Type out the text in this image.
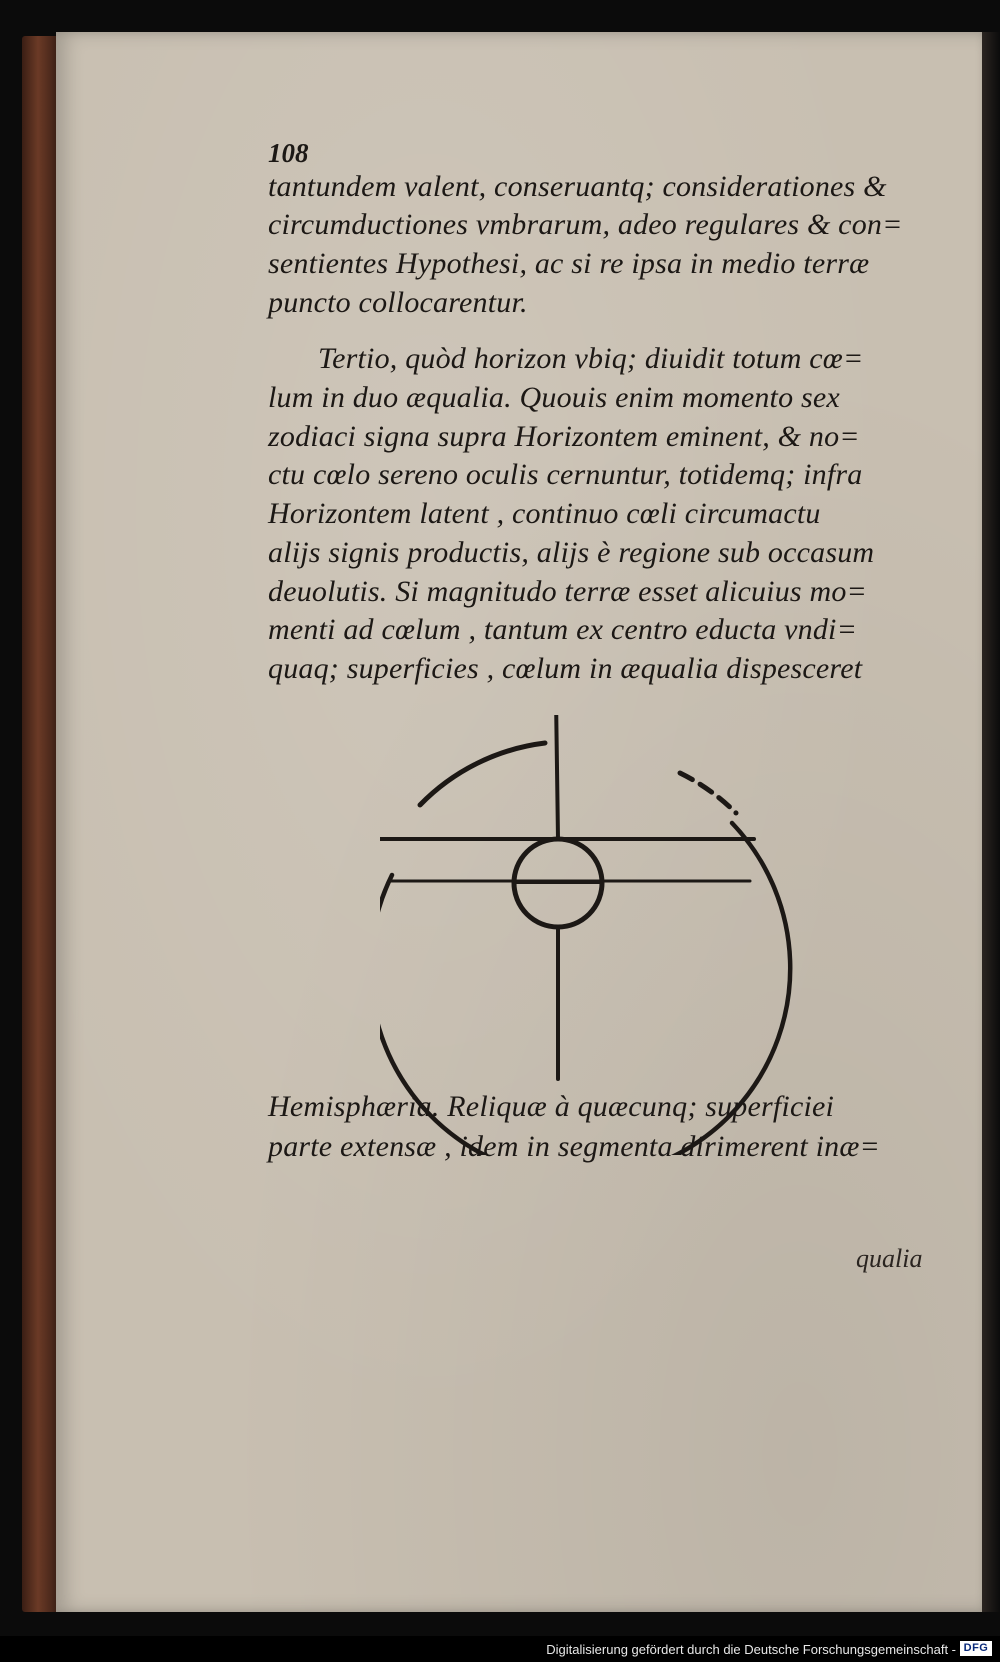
108
tantundem valent, conseruantq; considerationes &
circumductiones vmbrarum, adeo regulares & con=
sentientes Hypothesi, ac si re ipsa in medio terræ
puncto collocarentur.
Tertio, quòd horizon vbiq; diuidit totum cœ=
lum in duo æqualia. Quouis enim momento sex
zodiaci signa supra Horizontem eminent, & no=
ctu cœlo sereno oculis cernuntur, totidemq; infra
Horizontem latent , continuo cœli circumactu
alijs signis productis, alijs è regione sub occasum
deuolutis. Si magnitudo terræ esset alicuius mo=
menti ad cœlum , tantum ex centro educta vndi=
quaq; superficies , cœlum in æqualia dispesceret
Hemisphæria. Reliquæ à quæcunq; superficiei
parte extensæ , idem in segmenta dirimerent inæ=
qualia
Digitalisierung gefördert durch die Deutsche Forschungsgemeinschaft - DFG
